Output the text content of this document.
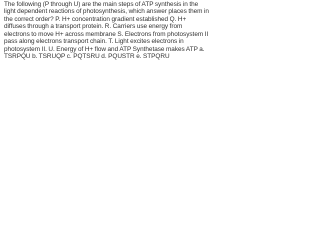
The following (P through U) are the main steps of ATP synthesis in the light dependent reactions of photosynthesis, which answer places them in the correct order? P. H+ concentration gradient established Q. H+ diffuses through a transport protein. R. Carriers use energy from electrons to move H+ across membrane S. Electrons from photosystem II pass along electrons transport chain. T. Light excites electrons in photosystem II. U. Energy of H+ flow and ATP Synthetase makes ATP a. TSRPQU b. TSRUQP c. PQTSRU d. PQUSTR e. STPQRU
